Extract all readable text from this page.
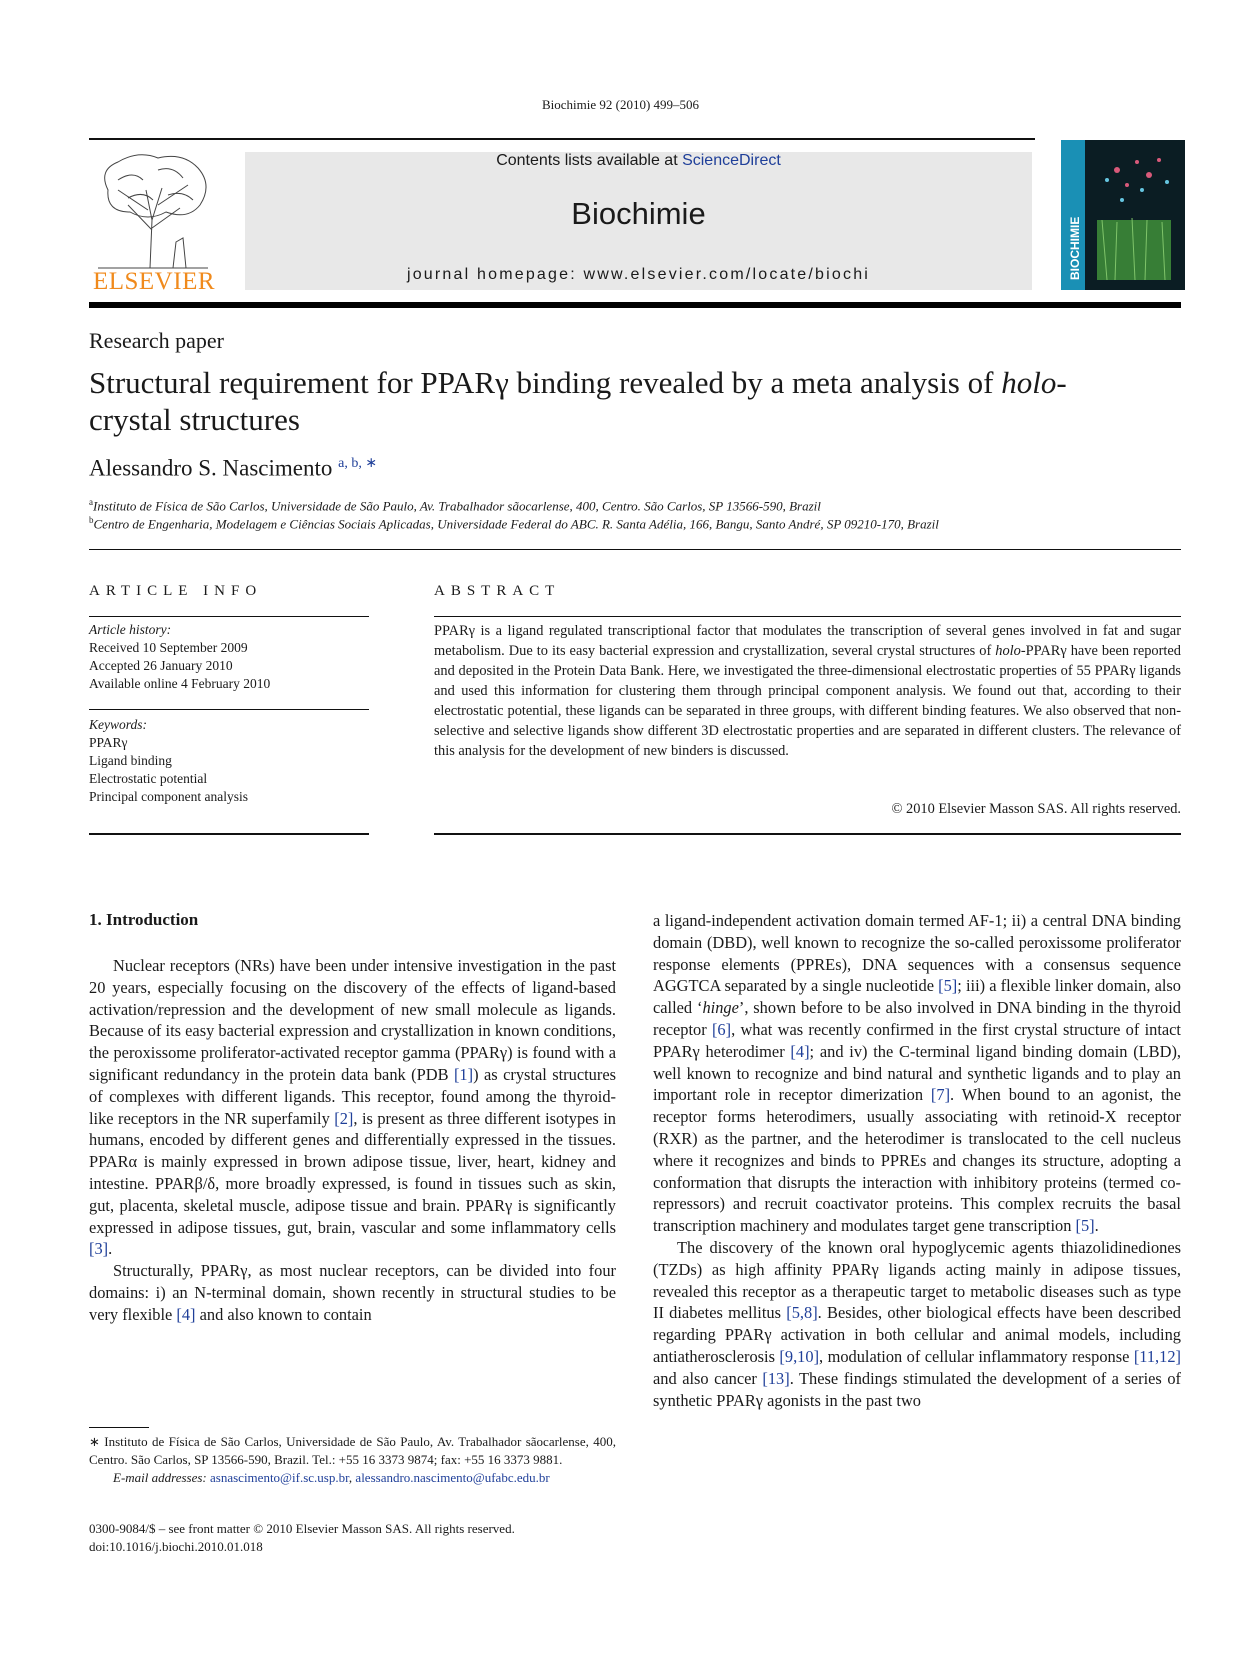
Biochimie 92 (2010) 499–506
ELSEVIER
Contents lists available at ScienceDirect
Biochimie
journal homepage: www.elsevier.com/locate/biochi	BIOCHIMIE
Research paper
Structural requirement for PPARγ binding revealed by a meta analysis of holo-crystal structures
Alessandro S. Nascimento $^{a, b, ∗}$
$^a$Instituto de Física de São Carlos, Universidade de São Paulo, Av. Trabalhador sãocarlense, 400, Centro. São Carlos, SP 13566-590, Brazil
$^b$Centro de Engenharia, Modelagem e Ciências Sociais Aplicadas, Universidade Federal do ABC. R. Santa Adélia, 166, Bangu, Santo André, SP 09210-170, Brazil
ARTICLE INFO
Article history:
Received 10 September 2009
Accepted 26 January 2010
Available online 4 February 2010
Keywords:
PPARγ
Ligand binding
Electrostatic potential
Principal component analysis
ABSTRACT
PPARγ is a ligand regulated transcriptional factor that modulates the transcription of several genes involved in fat and sugar metabolism. Due to its easy bacterial expression and crystallization, several crystal structures of holo-PPARγ have been reported and deposited in the Protein Data Bank. Here, we investigated the three-dimensional electrostatic properties of 55 PPARγ ligands and used this information for clustering them through principal component analysis. We found out that, according to their electrostatic potential, these ligands can be separated in three groups, with different binding features. We also observed that non-selective and selective ligands show different 3D electrostatic properties and are separated in different clusters. The relevance of this analysis for the development of new binders is discussed.
© 2010 Elsevier Masson SAS. All rights reserved.
1. Introduction

Nuclear receptors (NRs) have been under intensive investigation in the past 20 years, especially focusing on the discovery of the effects of ligand-based activation/repression and the development of new small molecule as ligands. Because of its easy bacterial expression and crystallization in known conditions, the peroxissome proliferator-activated receptor gamma (PPARγ) is found with a significant redundancy in the protein data bank (PDB [1]) as crystal structures of complexes with different ligands. This receptor, found among the thyroid-like receptors in the NR superfamily [2], is present as three different isotypes in humans, encoded by different genes and differentially expressed in the tissues. PPARα is mainly expressed in brown adipose tissue, liver, heart, kidney and intestine. PPARβ/δ, more broadly expressed, is found in tissues such as skin, gut, placenta, skeletal muscle, adipose tissue and brain. PPARγ is significantly expressed in adipose tissues, gut, brain, vascular and some inflammatory cells [3].

Structurally, PPARγ, as most nuclear receptors, can be divided into four domains: i) an N-terminal domain, shown recently in structural studies to be very flexible [4] and also known to contain

a ligand-independent activation domain termed AF-1; ii) a central DNA binding domain (DBD), well known to recognize the so-called peroxissome proliferator response elements (PPREs), DNA sequences with a consensus sequence AGGTCA separated by a single nucleotide [5]; iii) a flexible linker domain, also called ‘hinge’, shown before to be also involved in DNA binding in the thyroid receptor [6], what was recently confirmed in the first crystal structure of intact PPARγ heterodimer [4]; and iv) the C-terminal ligand binding domain (LBD), well known to recognize and bind natural and synthetic ligands and to play an important role in receptor dimerization [7]. When bound to an agonist, the receptor forms heterodimers, usually associating with retinoid-X receptor (RXR) as the partner, and the heterodimer is translocated to the cell nucleus where it recognizes and binds to PPREs and changes its structure, adopting a conformation that disrupts the interaction with inhibitory proteins (termed co-repressors) and recruit coactivator proteins. This complex recruits the basal transcription machinery and modulates target gene transcription [5].

The discovery of the known oral hypoglycemic agents thiazolidinediones (TZDs) as high affinity PPARγ ligands acting mainly in adipose tissues, revealed this receptor as a therapeutic target to metabolic diseases such as type II diabetes mellitus [5,8]. Besides, other biological effects have been described regarding PPARγ activation in both cellular and animal models, including antiatherosclerosis [9,10], modulation of cellular inflammatory response [11,12] and also cancer [13]. These findings stimulated the development of a series of synthetic PPARγ agonists in the past two

∗ Instituto de Física de São Carlos, Universidade de São Paulo, Av. Trabalhador sãocarlense, 400, Centro. São Carlos, SP 13566-590, Brazil. Tel.: +55 16 3373 9874; fax: +55 16 3373 9881.
E-mail addresses: asnascimento@if.sc.usp.br, alessandro.nascimento@ufabc.edu.br
0300-9084/$ – see front matter © 2010 Elsevier Masson SAS. All rights reserved.
doi:10.1016/j.biochi.2010.01.018
